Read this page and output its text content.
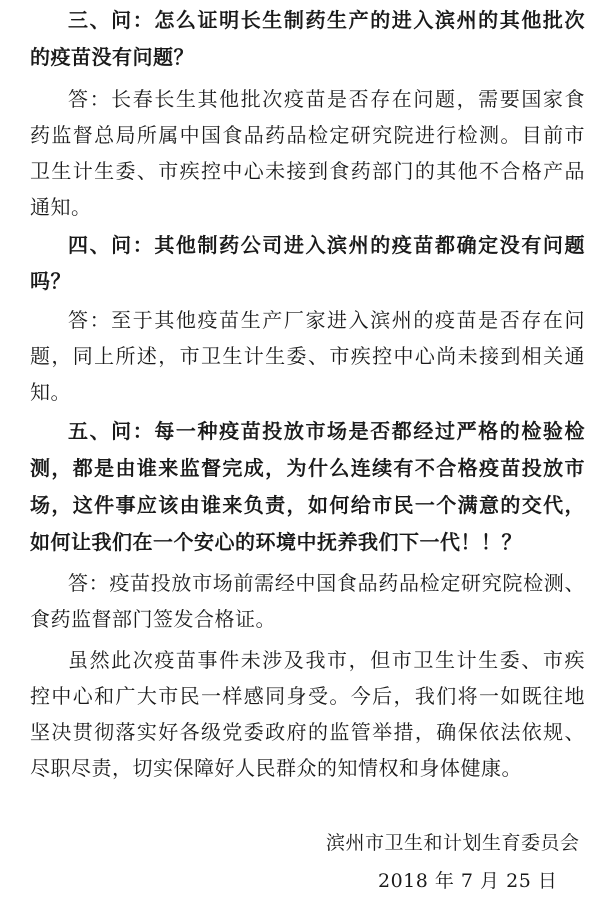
三、问：怎么证明长生制药生产的进入滨州的其他批次
的疫苗没有问题？
答：长春长生其他批次疫苗是否存在问题，需要国家食
药监督总局所属中国食品药品检定研究院进行检测。目前市
卫生计生委、市疾控中心未接到食药部门的其他不合格产品
通知。
四、问：其他制药公司进入滨州的疫苗都确定没有问题
吗？
答：至于其他疫苗生产厂家进入滨州的疫苗是否存在问
题，同上所述，市卫生计生委、市疾控中心尚未接到相关通
知。
五、问：每一种疫苗投放市场是否都经过严格的检验检
测，都是由谁来监督完成，为什么连续有不合格疫苗投放市
场，这件事应该由谁来负责，如何给市民一个满意的交代，
如何让我们在一个安心的环境中抚养我们下一代！！？
答：疫苗投放市场前需经中国食品药品检定研究院检测、
食药监督部门签发合格证。
虽然此次疫苗事件未涉及我市，但市卫生计生委、市疾
控中心和广大市民一样感同身受。今后，我们将一如既往地
坚决贯彻落实好各级党委政府的监管举措，确保依法依规、
尽职尽责，切实保障好人民群众的知情权和身体健康。
滨州市卫生和计划生育委员会
2018 年 7 月 25 日
